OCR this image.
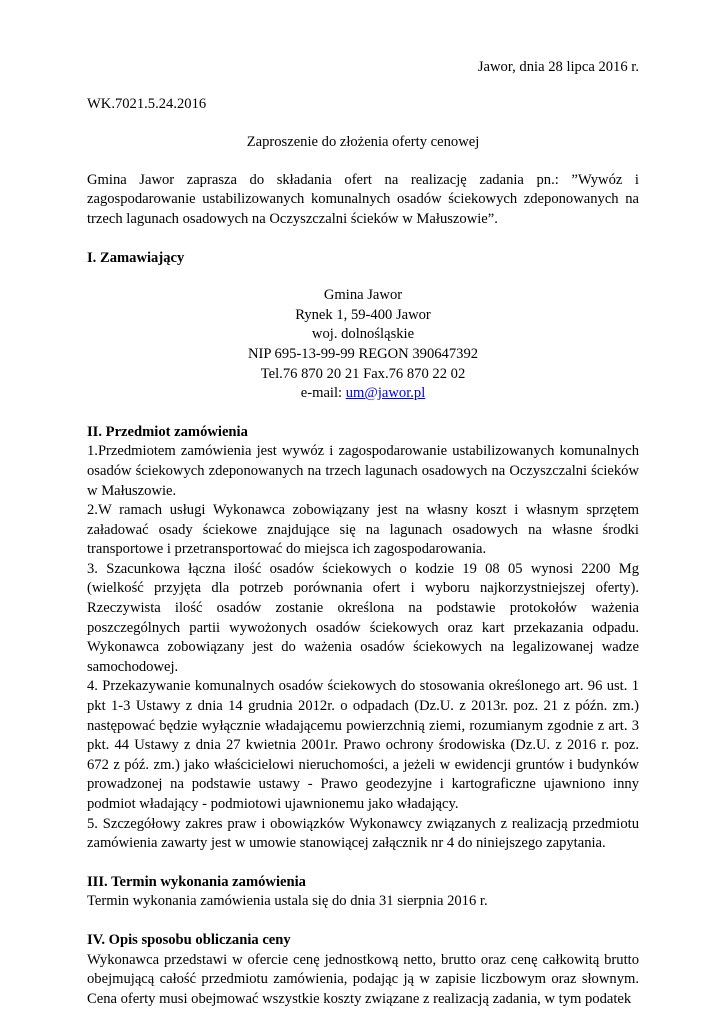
Jawor, dnia 28 lipca 2016 r.

WK.7021.5.24.2016

Zaproszenie do złożenia oferty cenowej

Gmina Jawor zaprasza do składania ofert na realizację zadania pn.: ”Wywóz i zagospodarowanie ustabilizowanych komunalnych osadów ściekowych zdeponowanych na trzech lagunach osadowych na Oczyszczalni ścieków w Małuszowie”.

I. Zamawiający

Gmina Jawor

Rynek 1, 59-400 Jawor

woj. dolnośląskie

NIP 695-13-99-99 REGON 390647392

Tel.76 870 20 21 Fax.76 870 22 02

e-mail: um@jawor.pl

II. Przedmiot zamówienia

1.Przedmiotem zamówienia jest wywóz i zagospodarowanie ustabilizowanych komunalnych osadów ściekowych zdeponowanych na trzech lagunach osadowych na Oczyszczalni ścieków w Małuszowie.

2.W ramach usługi Wykonawca zobowiązany jest na własny koszt i własnym sprzętem załadować osady ściekowe znajdujące się na lagunach osadowych na własne środki transportowe i przetransportować do miejsca ich zagospodarowania.

3. Szacunkowa łączna ilość osadów ściekowych o kodzie 19 08 05 wynosi 2200 Mg (wielkość przyjęta dla potrzeb porównania ofert i wyboru najkorzystniejszej oferty). Rzeczywista ilość osadów zostanie określona na podstawie protokołów ważenia poszczególnych partii wywożonych osadów ściekowych oraz kart przekazania odpadu. Wykonawca zobowiązany jest do ważenia osadów ściekowych na legalizowanej wadze samochodowej.

4. Przekazywanie komunalnych osadów ściekowych do stosowania określonego art. 96 ust. 1 pkt 1-3 Ustawy z dnia 14 grudnia 2012r. o odpadach (Dz.U. z 2013r. poz. 21 z późn. zm.) następować będzie wyłącznie władającemu powierzchnią ziemi, rozumianym zgodnie z art. 3 pkt. 44 Ustawy z dnia 27 kwietnia 2001r. Prawo ochrony środowiska (Dz.U. z 2016 r. poz. 672 z póź. zm.) jako właścicielowi nieruchomości, a jeżeli w ewidencji gruntów i budynków prowadzonej na podstawie ustawy - Prawo geodezyjne i kartograficzne ujawniono inny podmiot władający - podmiotowi ujawnionemu jako władający.

5. Szczegółowy zakres praw i obowiązków Wykonawcy związanych z realizacją przedmiotu zamówienia zawarty jest w umowie stanowiącej załącznik nr 4 do niniejszego zapytania.

III. Termin wykonania zamówienia

Termin wykonania zamówienia ustala się do dnia 31 sierpnia 2016 r.

IV. Opis sposobu obliczania ceny

Wykonawca przedstawi w ofercie cenę jednostkową netto, brutto oraz cenę całkowitą brutto obejmującą całość przedmiotu zamówienia, podając ją w zapisie liczbowym oraz słownym. Cena oferty musi obejmować wszystkie koszty związane z realizacją zadania, w tym podatek
